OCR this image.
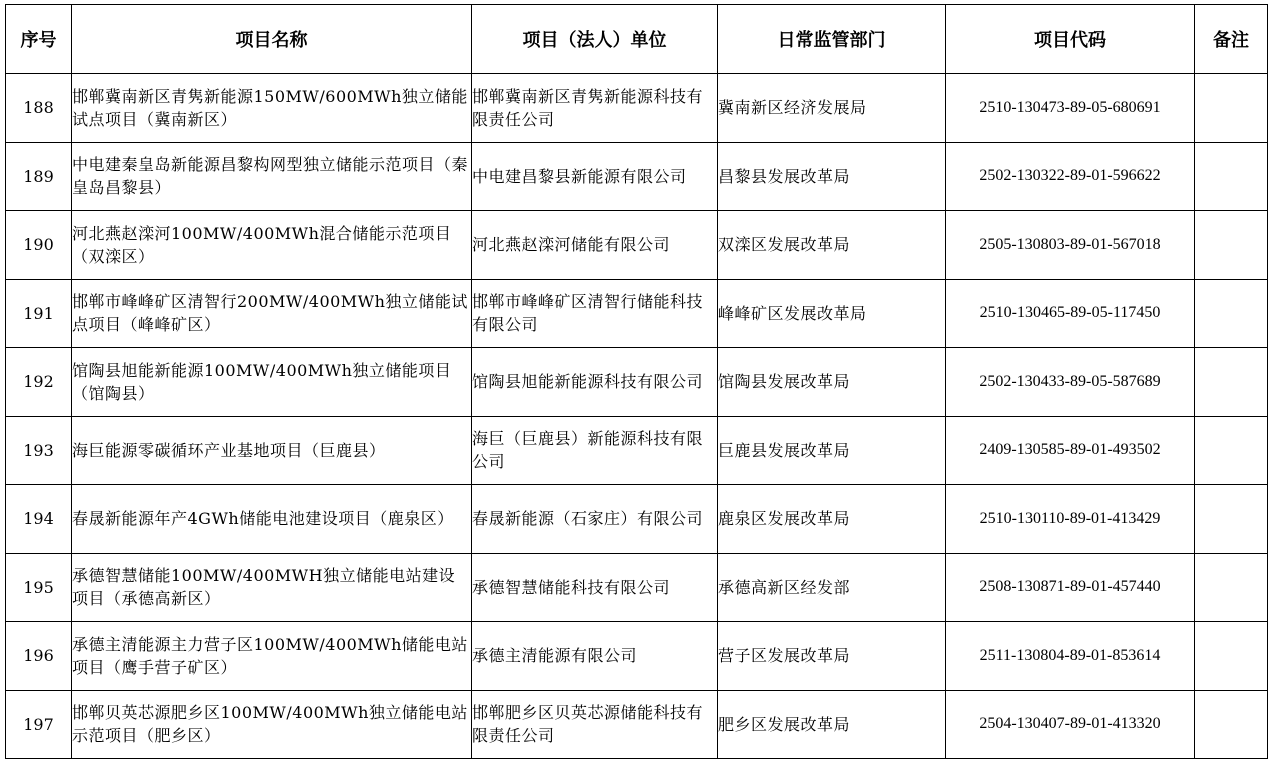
序号	项目名称	项目（法人）单位	日常监管部门	项目代码	备注
188	邯郸冀南新区青隽新能源150MW/600MWh独立储能试点项目（冀南新区）	邯郸冀南新区青隽新能源科技有限责任公司	冀南新区经济发展局	2510-130473-89-05-680691	
189	中电建秦皇岛新能源昌黎构网型独立储能示范项目（秦皇岛昌黎县）	中电建昌黎县新能源有限公司	昌黎县发展改革局	2502-130322-89-01-596622	
190	河北燕赵滦河100MW/400MWh混合储能示范项目（双滦区）	河北燕赵滦河储能有限公司	双滦区发展改革局	2505-130803-89-01-567018	
191	邯郸市峰峰矿区清智行200MW/400MWh独立储能试点项目（峰峰矿区）	邯郸市峰峰矿区清智行储能科技有限公司	峰峰矿区发展改革局	2510-130465-89-05-117450	
192	馆陶县旭能新能源100MW/400MWh独立储能项目（馆陶县）	馆陶县旭能新能源科技有限公司	馆陶县发展改革局	2502-130433-89-05-587689	
193	海巨能源零碳循环产业基地项目（巨鹿县）	海巨（巨鹿县）新能源科技有限公司	巨鹿县发展改革局	2409-130585-89-01-493502	
194	春晟新能源年产4GWh储能电池建设项目（鹿泉区）	春晟新能源（石家庄）有限公司	鹿泉区发展改革局	2510-130110-89-01-413429	
195	承德智慧储能100MW/400MWH独立储能电站建设项目（承德高新区）	承德智慧储能科技有限公司	承德高新区经发部	2508-130871-89-01-457440	
196	承德主清能源主力营子区100MW/400MWh储能电站项目（鹰手营子矿区）	承德主清能源有限公司	营子区发展改革局	2511-130804-89-01-853614	
197	邯郸贝英芯源肥乡区100MW/400MWh独立储能电站示范项目（肥乡区）	邯郸肥乡区贝英芯源储能科技有限责任公司	肥乡区发展改革局	2504-130407-89-01-413320	
